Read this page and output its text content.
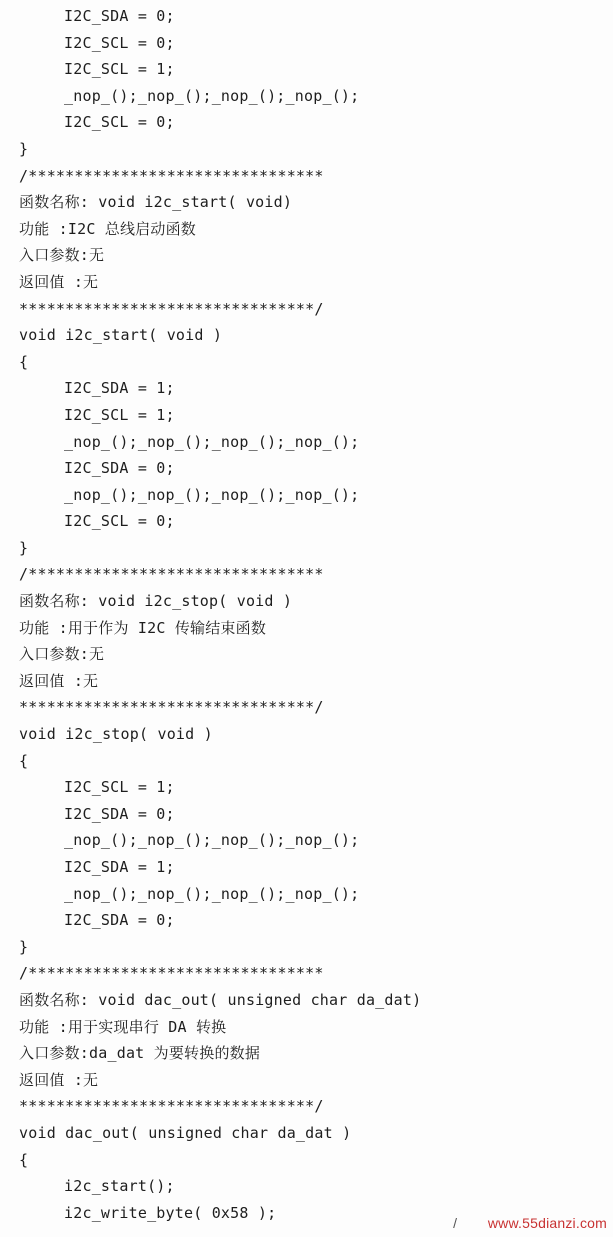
I2C_SDA = 0;
I2C_SCL = 0;
I2C_SCL = 1;
_nop_();_nop_();_nop_();_nop_();
I2C_SCL = 0;
}
/********************************
函数名称: void i2c_start( void)
功能 :I2C 总线启动函数
入口参数:无
返回值 :无
********************************/
void i2c_start( void )
{
I2C_SDA = 1;
I2C_SCL = 1;
_nop_();_nop_();_nop_();_nop_();
I2C_SDA = 0;
_nop_();_nop_();_nop_();_nop_();
I2C_SCL = 0;
}
/********************************
函数名称: void i2c_stop( void )
功能 :用于作为 I2C 传输结束函数
入口参数:无
返回值 :无
********************************/
void i2c_stop( void )
{
I2C_SCL = 1;
I2C_SDA = 0;
_nop_();_nop_();_nop_();_nop_();
I2C_SDA = 1;
_nop_();_nop_();_nop_();_nop_();
I2C_SDA = 0;
}
/********************************
函数名称: void dac_out( unsigned char da_dat)
功能 :用于实现串行 DA 转换
入口参数:da_dat 为要转换的数据
返回值 :无
********************************/
void dac_out( unsigned char da_dat )
{
i2c_start();
i2c_write_byte( 0x58 );
/ www.55dianzi.com
